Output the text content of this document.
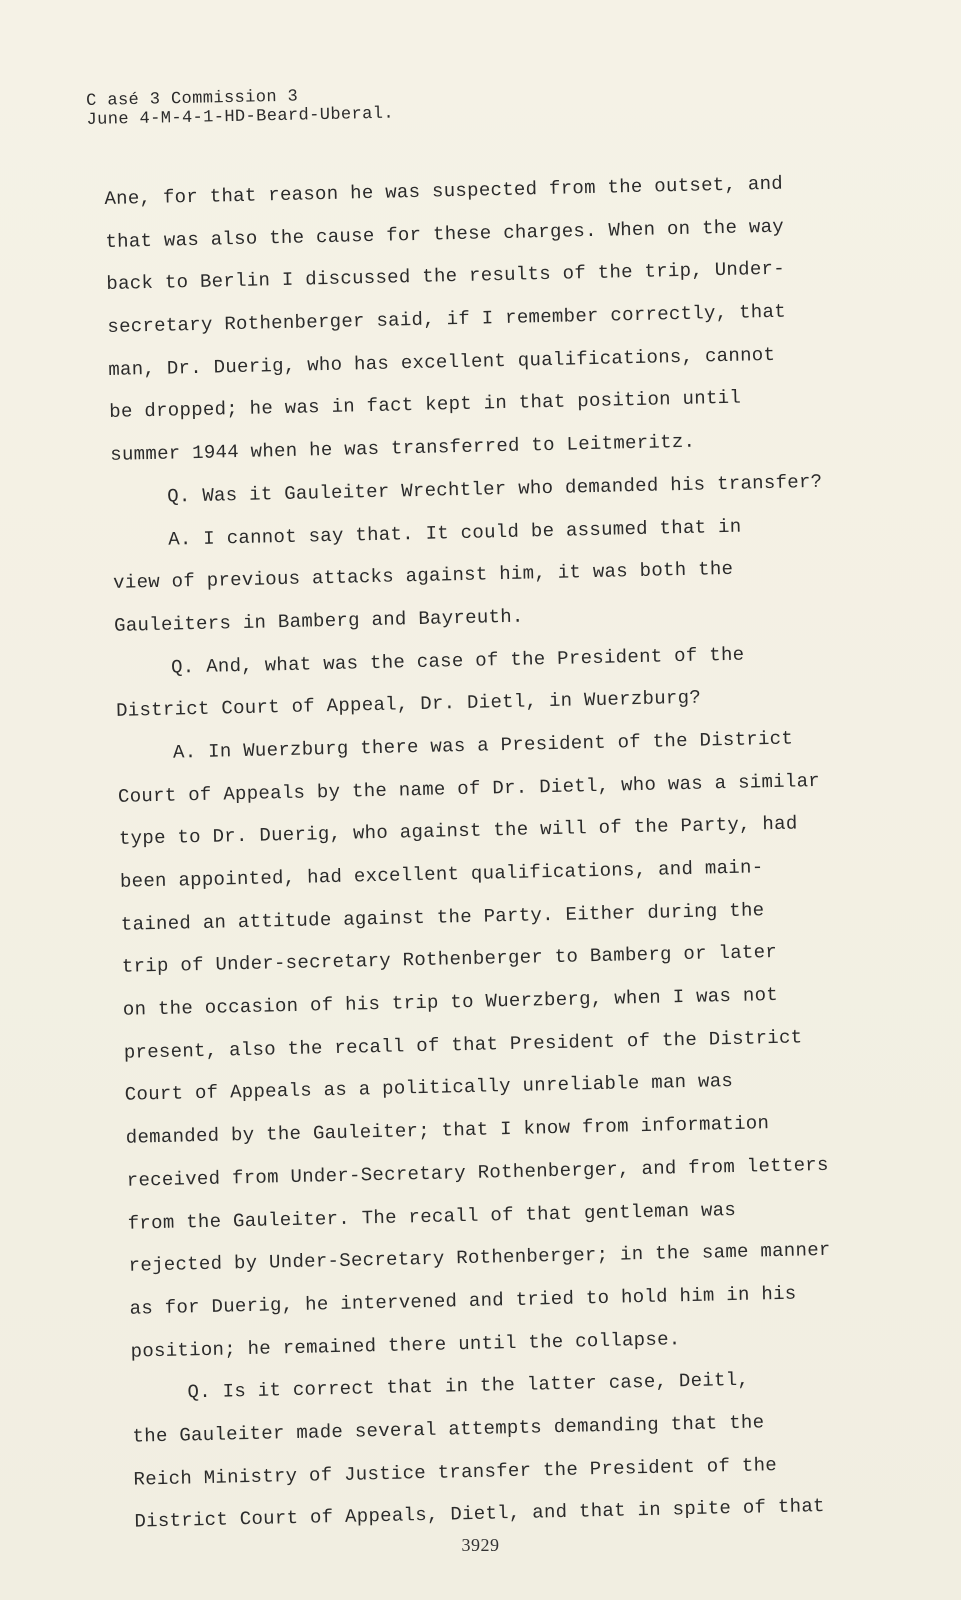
C asé 3 Commission 3
June 4-M-4-1-HD-Beard-Uberal.
Ane, for that reason he was suspected from the outset, and
that was also the cause for these charges. When on the way
back to Berlin I discussed the results of the trip, Under-
secretary Rothenberger said, if I remember correctly, that
man, Dr. Duerig, who has excellent qualifications, cannot
be dropped; he was in fact kept in that position until
summer 1944 when he was transferred to Leitmeritz.
Q. Was it Gauleiter Wrechtler who demanded his transfer?
A. I cannot say that. It could be assumed that in
view of previous attacks against him, it was both the
Gauleiters in Bamberg and Bayreuth.
Q. And, what was the case of the President of the
District Court of Appeal, Dr. Dietl, in Wuerzburg?
A. In Wuerzburg there was a President of the District
Court of Appeals by the name of Dr. Dietl, who was a similar
type to Dr. Duerig, who against the will of the Party, had
been appointed, had excellent qualifications, and main-
tained an attitude against the Party. Either during the
trip of Under-secretary Rothenberger to Bamberg or later
on the occasion of his trip to Wuerzberg, when I was not
present, also the recall of that President of the District
Court of Appeals as a politically unreliable man was
demanded by the Gauleiter; that I know from information
received from Under-Secretary Rothenberger, and from letters
from the Gauleiter. The recall of that gentleman was
rejected by Under-Secretary Rothenberger; in the same manner
as for Duerig, he intervened and tried to hold him in his
position; he remained there until the collapse.
Q. Is it correct that in the latter case, Deitl,
the Gauleiter made several attempts demanding that the
Reich Ministry of Justice transfer the President of the
District Court of Appeals, Dietl, and that in spite of that
3929
